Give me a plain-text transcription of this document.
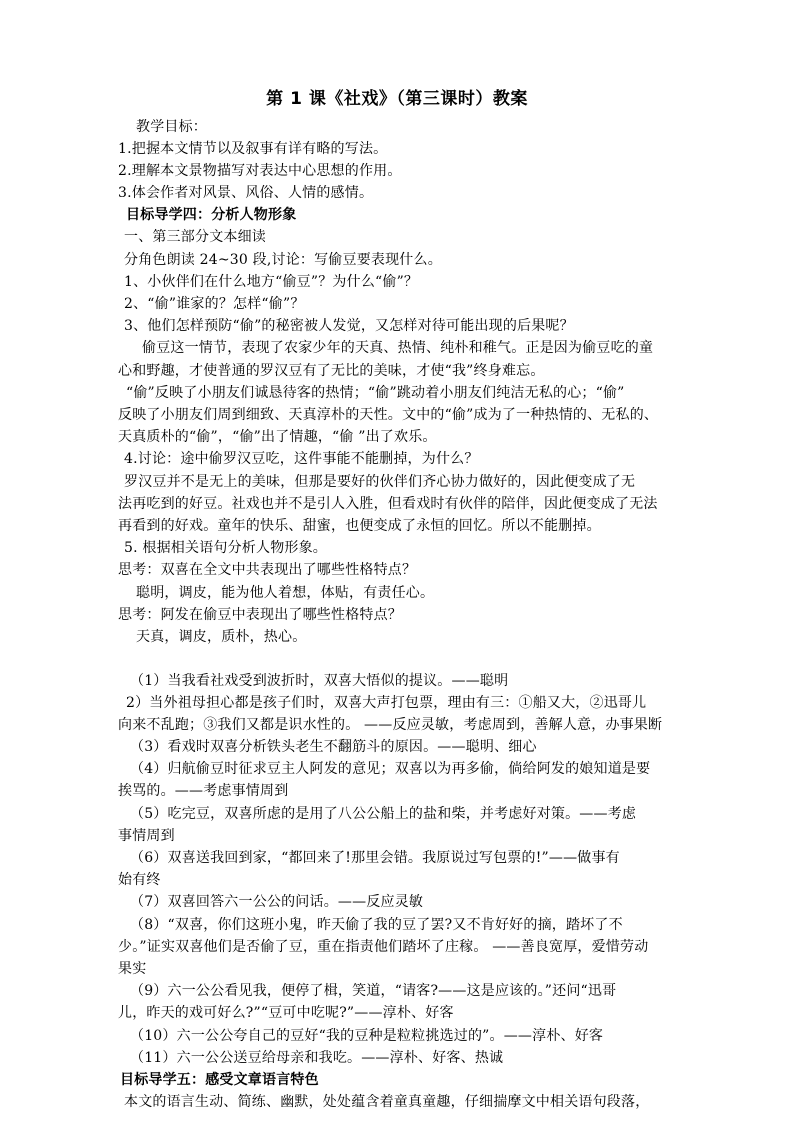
第 1 课《社戏》（第三课时）教案
教学目标：
1.把握本文情节以及叙事有详有略的写法。
2.理解本文景物描写对表达中心思想的作用。
3.体会作者对风景、风俗、人情的感情。
目标导学四：分析人物形象
一、第三部分文本细读
分角色朗读 24~30 段,讨论：写偷豆要表现什么。
1、小伙伴们在什么地方“偷豆”？为什么“偷”？
2、“偷”谁家的？怎样“偷”？
3、他们怎样预防“偷”的秘密被人发觉，又怎样对待可能出现的后果呢？
偷豆这一情节，表现了农家少年的天真、热情、纯朴和稚气。正是因为偷豆吃的童
心和野趣，才使普通的罗汉豆有了无比的美味，才使“我”终身难忘。
“偷”反映了小朋友们诚恳待客的热情；“偷”跳动着小朋友们纯洁无私的心；“偷”
反映了小朋友们周到细致、天真淳朴的天性。文中的“偷”成为了一种热情的、无私的、
天真质朴的“偷”，“偷”出了情趣，“偷 ”出了欢乐。
4.讨论：途中偷罗汉豆吃，这件事能不能删掉，为什么？
罗汉豆并不是无上的美味，但那是要好的伙伴们齐心协力做好的，因此便变成了无
法再吃到的好豆。社戏也并不是引人入胜，但看戏时有伙伴的陪伴，因此便变成了无法
再看到的好戏。童年的快乐、甜蜜，也便变成了永恒的回忆。所以不能删掉。
5. 根据相关语句分析人物形象。
思考：双喜在全文中共表现出了哪些性格特点？
聪明，调皮，能为他人着想，体贴，有责任心。
思考：阿发在偷豆中表现出了哪些性格特点？
天真，调皮，质朴，热心。
（1）当我看社戏受到波折时，双喜大悟似的提议。——聪明
2）当外祖母担心都是孩子们时，双喜大声打包票，理由有三：①船又大，②迅哥儿
向来不乱跑；③我们又都是识水性的。 ——反应灵敏，考虑周到，善解人意，办事果断
（3）看戏时双喜分析铁头老生不翻筋斗的原因。——聪明、细心
（4）归航偷豆时征求豆主人阿发的意见；双喜以为再多偷，倘给阿发的娘知道是要
挨骂的。——考虑事情周到
（5）吃完豆，双喜所虑的是用了八公公船上的盐和柴，并考虑好对策。——考虑
事情周到
（6）双喜送我回到家，“都回来了!那里会错。我原说过写包票的!”——做事有
始有终
（7）双喜回答六一公公的问话。——反应灵敏
（8）“双喜，你们这班小鬼，昨天偷了我的豆了罢?又不肯好好的摘，踏坏了不
少。”证实双喜他们是否偷了豆，重在指责他们踏坏了庄稼。 ——善良宽厚，爱惜劳动
果实
（9）六一公公看见我，便停了楫，笑道，“请客?——这是应该的。”还问“迅哥
儿，昨天的戏可好么?”“豆可中吃呢?”——淳朴、好客
（10）六一公公夸自己的豆好“我的豆种是粒粒挑选过的”。——淳朴、好客
（11）六一公公送豆给母亲和我吃。——淳朴、好客、热诚
目标导学五：感受文章语言特色
本文的语言生动、简练、幽默，处处蕴含着童真童趣，仔细揣摩文中相关语句段落，
